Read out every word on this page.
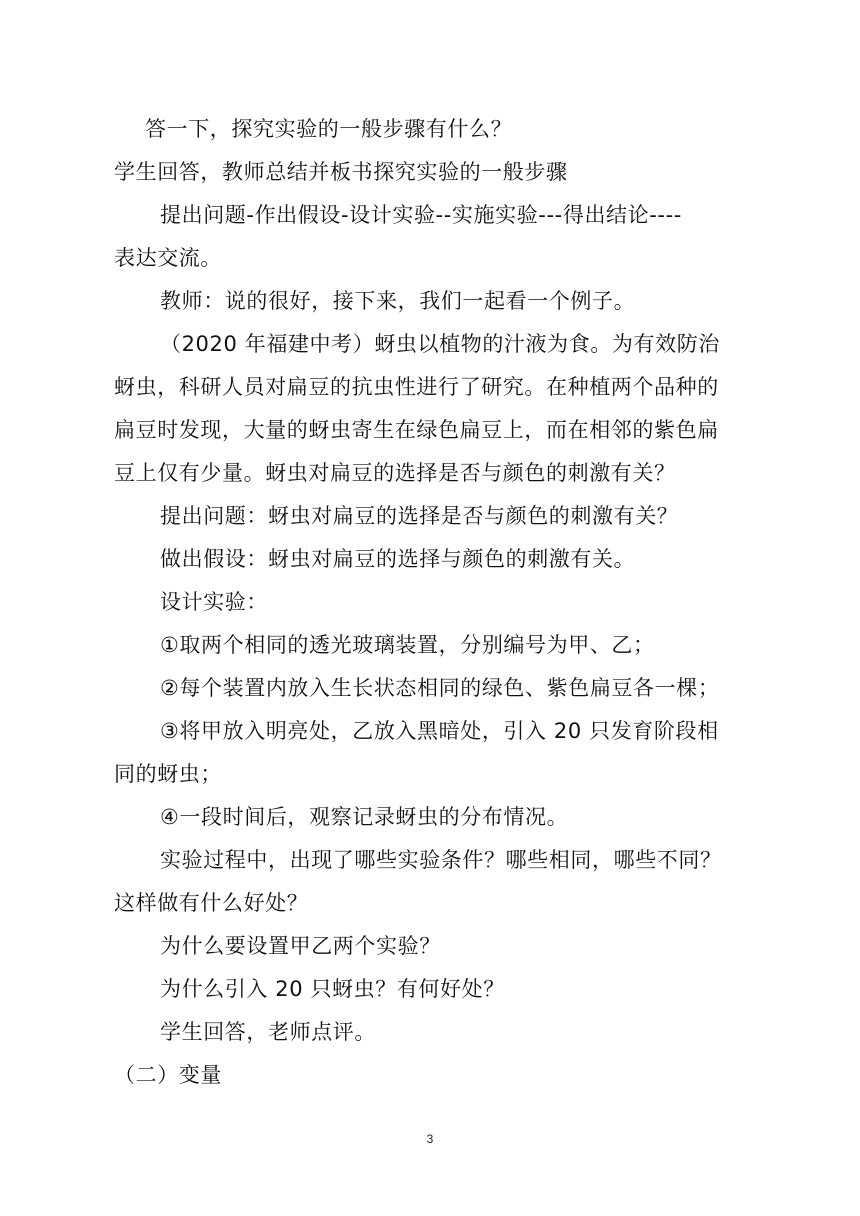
答一下，探究实验的一般步骤有什么？
学生回答，教师总结并板书探究实验的一般步骤
提出问题-作出假设-设计实验--实施实验---得出结论----
表达交流。
教师：说的很好，接下来，我们一起看一个例子。
（2020 年福建中考）蚜虫以植物的汁液为食。为有效防治
蚜虫，科研人员对扁豆的抗虫性进行了研究。在种植两个品种的
扁豆时发现，大量的蚜虫寄生在绿色扁豆上，而在相邻的紫色扁
豆上仅有少量。蚜虫对扁豆的选择是否与颜色的刺激有关？
提出问题：蚜虫对扁豆的选择是否与颜色的刺激有关？
做出假设：蚜虫对扁豆的选择与颜色的刺激有关。
设计实验：
①取两个相同的透光玻璃装置，分别编号为甲、乙；
②每个装置内放入生长状态相同的绿色、紫色扁豆各一棵；
③将甲放入明亮处，乙放入黑暗处，引入 20 只发育阶段相
同的蚜虫；
④一段时间后，观察记录蚜虫的分布情况。
实验过程中，出现了哪些实验条件？哪些相同，哪些不同？
这样做有什么好处？
为什么要设置甲乙两个实验？
为什么引入 20 只蚜虫？有何好处？
学生回答，老师点评。
（二）变量
3
